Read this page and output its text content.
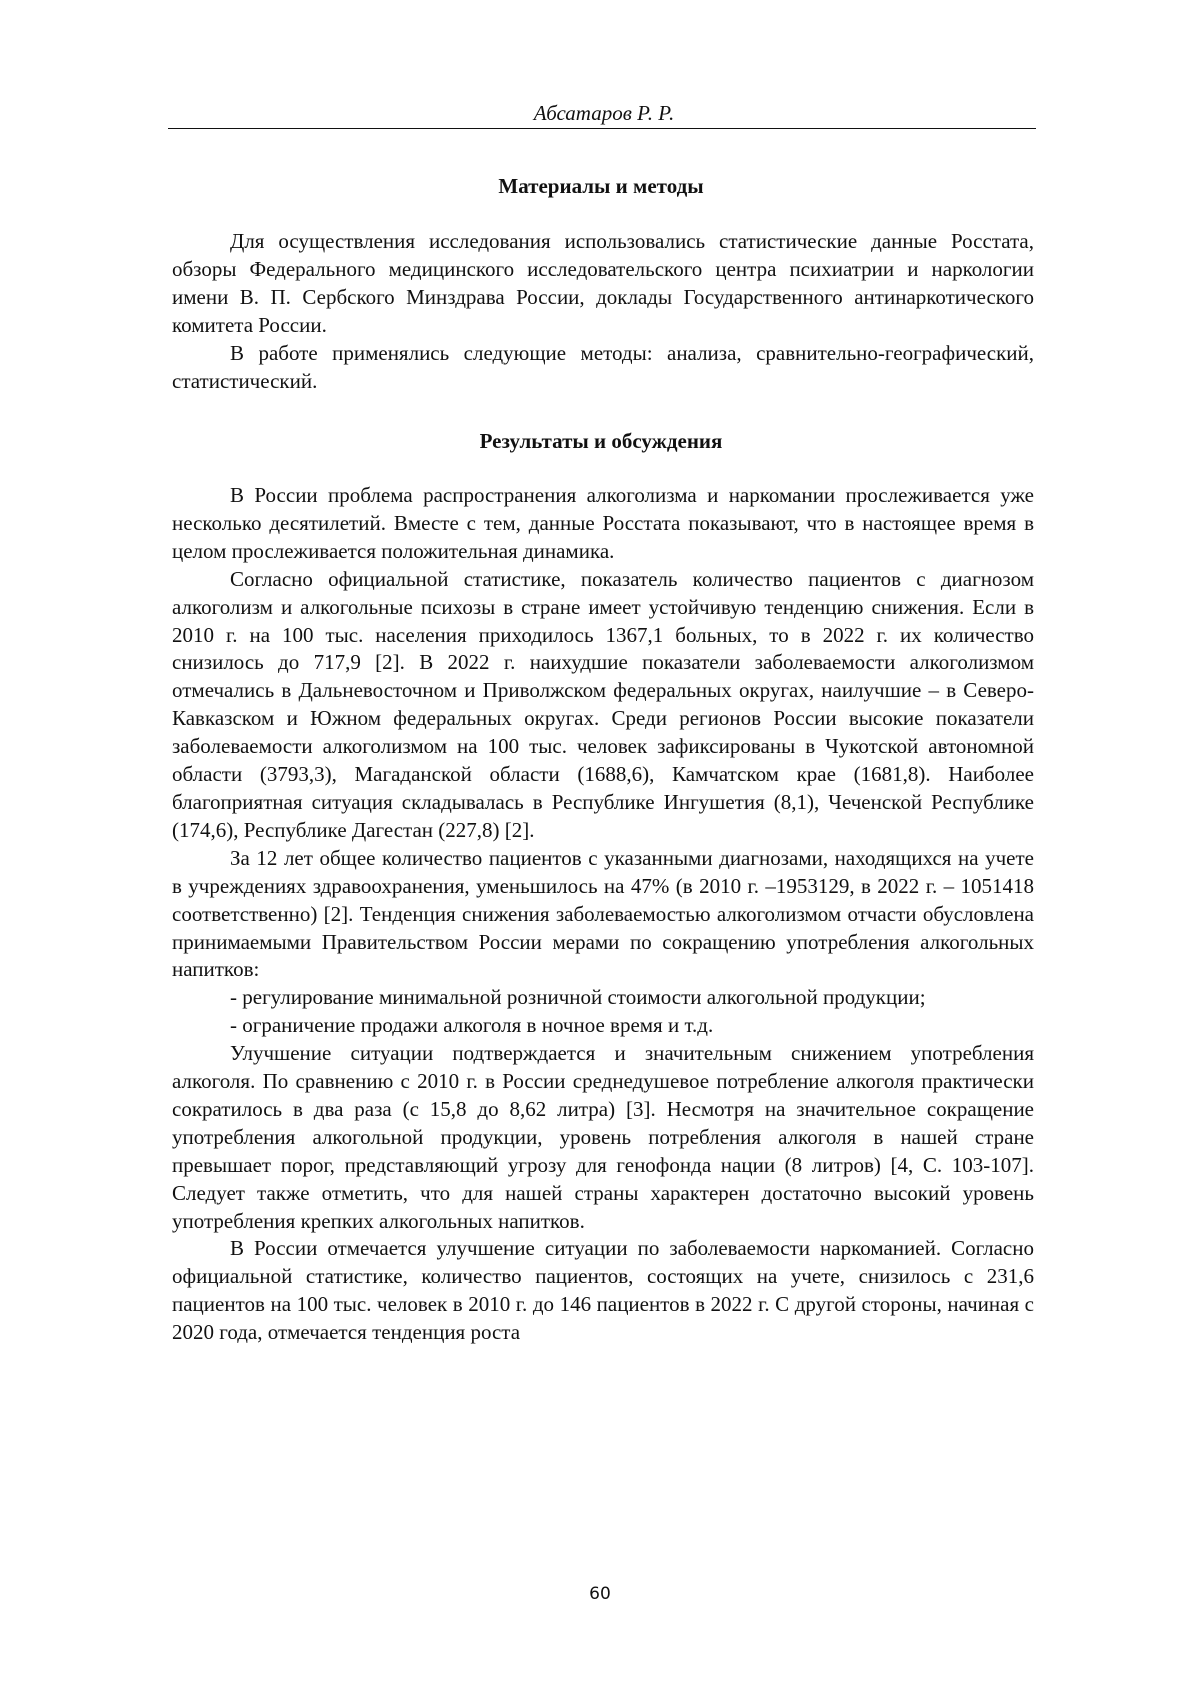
Абсатаров Р. Р.
Материалы и методы

Для осуществления исследования использовались статистические данные Росстата, обзоры Федерального медицинского исследовательского центра психиатрии и наркологии имени В. П. Сербского Минздрава России, доклады Государственного антинаркотического комитета России.

В работе применялись следующие методы: анализа, сравнительно-географический, статистический.

Результаты и обсуждения

В России проблема распространения алкоголизма и наркомании прослеживается уже несколько десятилетий. Вместе с тем, данные Росстата показывают, что в настоящее время в целом прослеживается положительная динамика.

Согласно официальной статистике, показатель количество пациентов с диагнозом алкоголизм и алкогольные психозы в стране имеет устойчивую тенденцию снижения. Если в 2010 г. на 100 тыс. населения приходилось 1367,1 больных, то в 2022 г. их количество снизилось до 717,9 [2]. В 2022 г. наихудшие показатели заболеваемости алкоголизмом отмечались в Дальневосточном и Приволжском федеральных округах, наилучшие – в Северо-Кавказском и Южном федеральных округах. Среди регионов России высокие показатели заболеваемости алкоголизмом на 100 тыс. человек зафиксированы в Чукотской автономной области (3793,3), Магаданской области (1688,6), Камчатском крае (1681,8). Наиболее благоприятная ситуация складывалась в Республике Ингушетия (8,1), Чеченской Республике (174,6), Республике Дагестан (227,8) [2].

За 12 лет общее количество пациентов с указанными диагнозами, находящихся на учете в учреждениях здравоохранения, уменьшилось на 47% (в 2010 г. –1953129, в 2022 г. – 1051418 соответственно) [2]. Тенденция снижения заболеваемостью алкоголизмом отчасти обусловлена принимаемыми Правительством России мерами по сокращению употребления алкогольных напитков:

- регулирование минимальной розничной стоимости алкогольной продукции;

- ограничение продажи алкоголя в ночное время и т.д.

Улучшение ситуации подтверждается и значительным снижением употребления алкоголя. По сравнению с 2010 г. в России среднедушевое потребление алкоголя практически сократилось в два раза (с 15,8 до 8,62 литра) [3]. Несмотря на значительное сокращение употребления алкогольной продукции, уровень потребления алкоголя в нашей стране превышает порог, представляющий угрозу для генофонда нации (8 литров) [4, С. 103-107]. Следует также отметить, что для нашей страны характерен достаточно высокий уровень употребления крепких алкогольных напитков.

В России отмечается улучшение ситуации по заболеваемости наркоманией. Согласно официальной статистике, количество пациентов, состоящих на учете, снизилось с 231,6 пациентов на 100 тыс. человек в 2010 г. до 146 пациентов в 2022 г. С другой стороны, начиная с 2020 года, отмечается тенденция роста

60
